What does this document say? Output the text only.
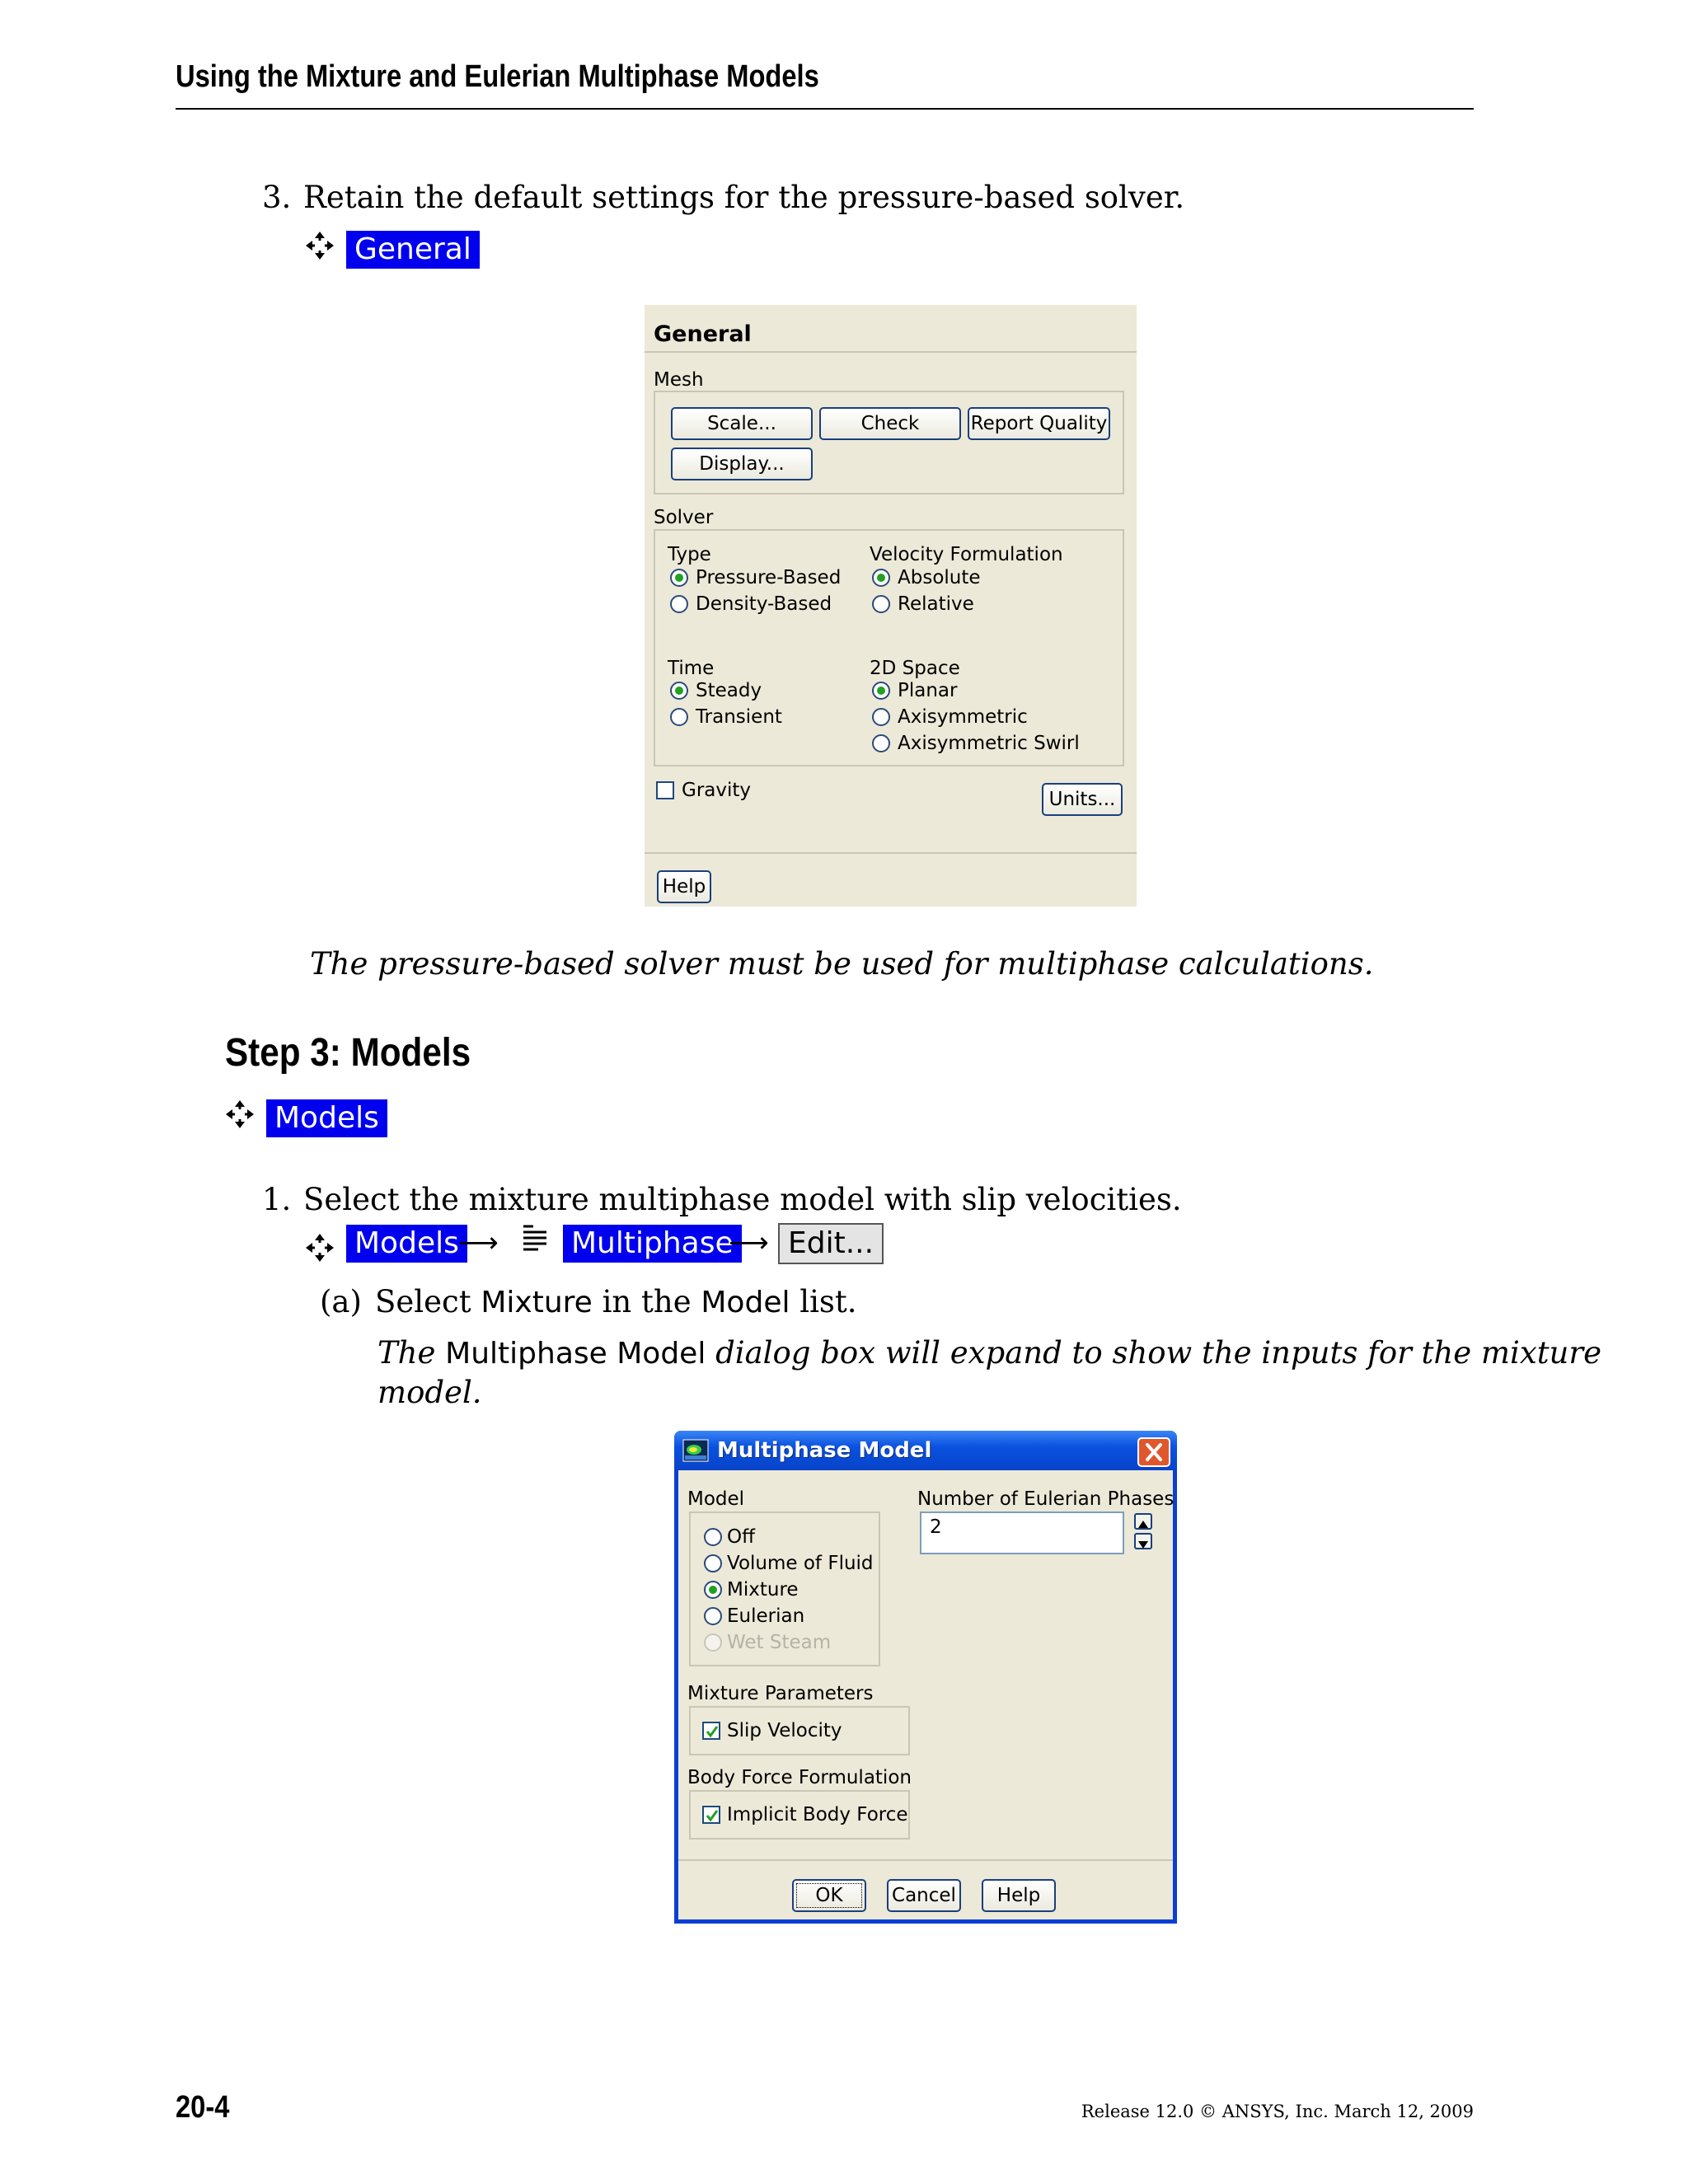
Using the Mixture and Eulerian Multiphase Models
3. Retain the default settings for the pressure-based solver.
General
General
Mesh
Scale...	Check	Report Quality
Display...
Solver
Type
Pressure-Based
Density-Based
Velocity Formulation
Absolute
Relative
Time
Steady
Transient
2D Space
Planar
Axisymmetric
Axisymmetric Swirl
Gravity	Units...
Help
The pressure-based solver must be used for multiphase calculations.
Step 3: Models
Models
1. Select the mixture multiphase model with slip velocities.
Models ⟶ Multiphase
⟶ Edit...
(a) Select Mixture in the Model list.
The Multiphase Model dialog box will expand to show the inputs for the mixture
model.
Multiphase Model
Model
Off
Volume of Fluid
Mixture
Eulerian
Wet Steam
Number of Eulerian Phases
2
Mixture Parameters
Slip Velocity
Body Force Formulation
Implicit Body Force
OK	Cancel	Help
20-4	Release 12.0 © ANSYS, Inc. March 12, 2009
